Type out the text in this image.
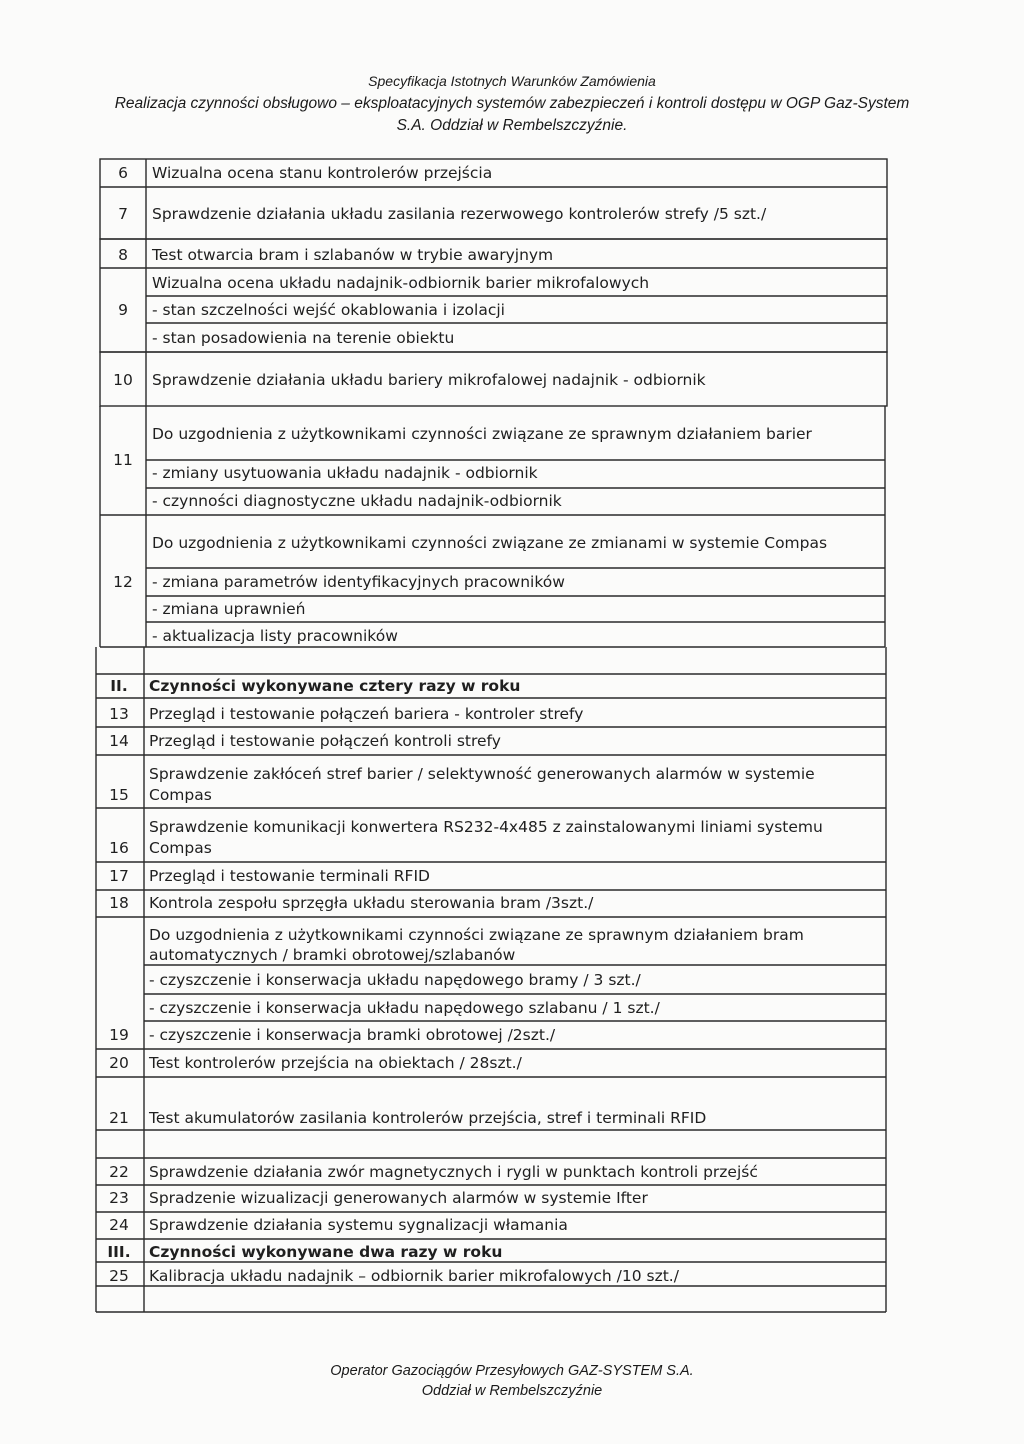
Specyfikacja Istotnych Warunków Zamówienia
Realizacja czynności obsługowo – eksploatacyjnych systemów zabezpieczeń i kontroli dostępu w OGP Gaz-System
S.A. Oddział w Rembelszczyźnie.
6
7
8
9
10
11
12
II.
13
14
15
16
17
18
19
20
21
22
23
24
III.
25
Wizualna ocena stanu kontrolerów przejścia
Sprawdzenie działania układu zasilania rezerwowego kontrolerów strefy /5 szt./
Test otwarcia bram i szlabanów w trybie awaryjnym
Wizualna ocena układu nadajnik-odbiornik barier mikrofalowych
- stan szczelności wejść okablowania i izolacji
- stan posadowienia na terenie obiektu
Sprawdzenie działania układu bariery mikrofalowej nadajnik - odbiornik
Do uzgodnienia z użytkownikami czynności związane ze sprawnym działaniem barier
- zmiany usytuowania układu nadajnik - odbiornik
- czynności diagnostyczne układu nadajnik-odbiornik
Do uzgodnienia z użytkownikami czynności związane ze zmianami w systemie Compas
- zmiana parametrów identyfikacyjnych pracowników
- zmiana uprawnień
- aktualizacja listy pracowników
Czynności wykonywane cztery razy w roku
Przegląd i testowanie połączeń bariera - kontroler strefy
Przegląd i testowanie połączeń kontroli strefy
Sprawdzenie zakłóceń stref barier / selektywność generowanych alarmów w systemie
Compas
Sprawdzenie komunikacji konwertera RS232-4x485 z zainstalowanymi liniami systemu
Compas
Przegląd i testowanie terminali RFID
Kontrola zespołu sprzęgła układu sterowania bram /3szt./
Do uzgodnienia z użytkownikami czynności związane ze sprawnym działaniem bram
automatycznych / bramki obrotowej/szlabanów
- czyszczenie i konserwacja układu napędowego bramy / 3 szt./
- czyszczenie i konserwacja układu napędowego szlabanu / 1 szt./
- czyszczenie i konserwacja bramki obrotowej /2szt./
Test kontrolerów przejścia na obiektach / 28szt./
Test akumulatorów zasilania kontrolerów przejścia, stref i terminali RFID
Sprawdzenie działania zwór magnetycznych i rygli w punktach kontroli przejść
Spradzenie wizualizacji generowanych alarmów w systemie Ifter
Sprawdzenie działania systemu sygnalizacji włamania
Czynności wykonywane dwa razy w roku
Kalibracja układu nadajnik – odbiornik barier mikrofalowych /10 szt./
Operator Gazociągów Przesyłowych GAZ-SYSTEM S.A.
Oddział w Rembelszczyźnie
